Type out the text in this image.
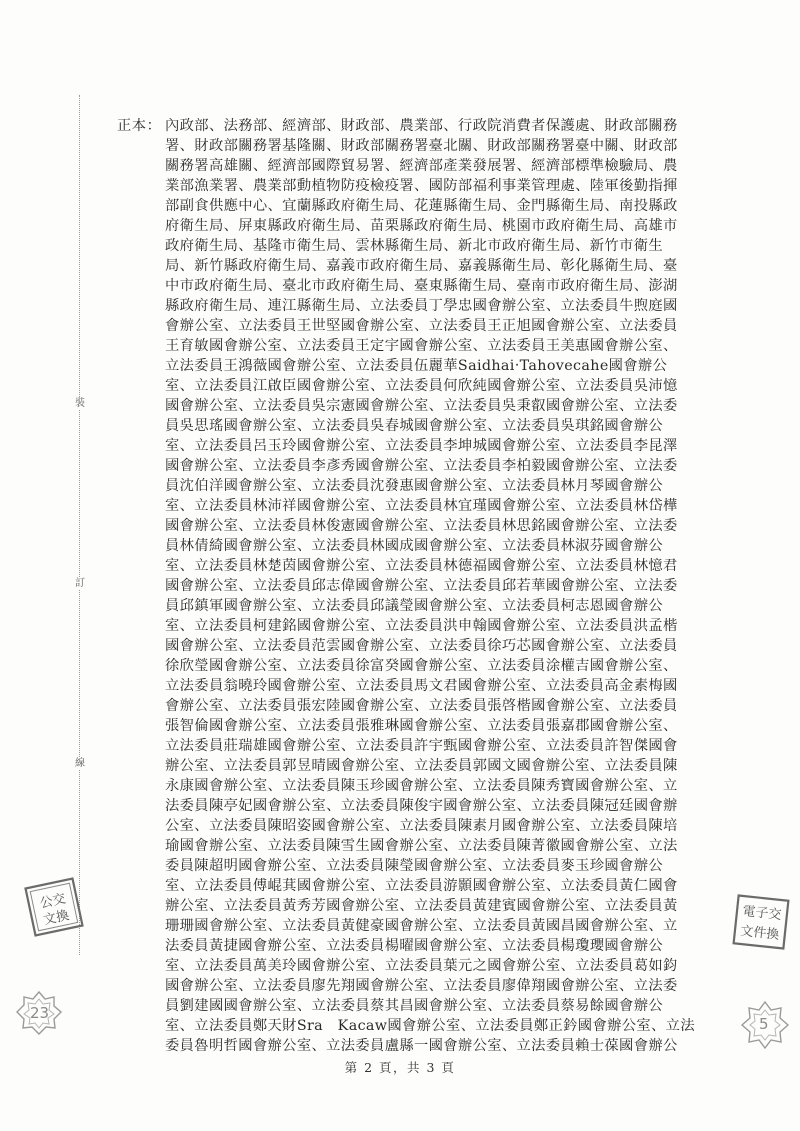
裝
訂
線
正本： 內政部、法務部、經濟部、財政部、農業部、行政院消費者保護處、財政部關務
署、財政部關務署基隆關、財政部關務署臺北關、財政部關務署臺中關、財政部
關務署高雄關、經濟部國際貿易署、經濟部產業發展署、經濟部標準檢驗局、農
業部漁業署、農業部動植物防疫檢疫署、國防部福利事業管理處、陸軍後勤指揮
部副食供應中心、宜蘭縣政府衛生局、花蓮縣衛生局、金門縣衛生局、南投縣政
府衛生局、屏東縣政府衛生局、苗栗縣政府衛生局、桃園市政府衛生局、高雄市
政府衛生局、基隆市衛生局、雲林縣衛生局、新北市政府衛生局、新竹市衛生
局、新竹縣政府衛生局、嘉義市政府衛生局、嘉義縣衛生局、彰化縣衛生局、臺
中市政府衛生局、臺北市政府衛生局、臺東縣衛生局、臺南市政府衛生局、澎湖
縣政府衛生局、連江縣衛生局、立法委員丁學忠國會辦公室、立法委員牛煦庭國
會辦公室、立法委員王世堅國會辦公室、立法委員王正旭國會辦公室、立法委員
王育敏國會辦公室、立法委員王定宇國會辦公室、立法委員王美惠國會辦公室、
立法委員王鴻薇國會辦公室、立法委員伍麗華Saidhai‧Tahovecahe國會辦公
室、立法委員江啟臣國會辦公室、立法委員何欣純國會辦公室、立法委員吳沛憶
國會辦公室、立法委員吳宗憲國會辦公室、立法委員吳秉叡國會辦公室、立法委
員吳思瑤國會辦公室、立法委員吳春城國會辦公室、立法委員吳琪銘國會辦公
室、立法委員呂玉玲國會辦公室、立法委員李坤城國會辦公室、立法委員李昆澤
國會辦公室、立法委員李彥秀國會辦公室、立法委員李柏毅國會辦公室、立法委
員沈伯洋國會辦公室、立法委員沈發惠國會辦公室、立法委員林月琴國會辦公
室、立法委員林沛祥國會辦公室、立法委員林宜瑾國會辦公室、立法委員林岱樺
國會辦公室、立法委員林俊憲國會辦公室、立法委員林思銘國會辦公室、立法委
員林倩綺國會辦公室、立法委員林國成國會辦公室、立法委員林淑芬國會辦公
室、立法委員林楚茵國會辦公室、立法委員林德福國會辦公室、立法委員林憶君
國會辦公室、立法委員邱志偉國會辦公室、立法委員邱若華國會辦公室、立法委
員邱鎮軍國會辦公室、立法委員邱議瑩國會辦公室、立法委員柯志恩國會辦公
室、立法委員柯建銘國會辦公室、立法委員洪申翰國會辦公室、立法委員洪孟楷
國會辦公室、立法委員范雲國會辦公室、立法委員徐巧芯國會辦公室、立法委員
徐欣瑩國會辦公室、立法委員徐富癸國會辦公室、立法委員涂權吉國會辦公室、
立法委員翁曉玲國會辦公室、立法委員馬文君國會辦公室、立法委員高金素梅國
會辦公室、立法委員張宏陸國會辦公室、立法委員張啓楷國會辦公室、立法委員
張智倫國會辦公室、立法委員張雅琳國會辦公室、立法委員張嘉郡國會辦公室、
立法委員莊瑞雄國會辦公室、立法委員許宇甄國會辦公室、立法委員許智傑國會
辦公室、立法委員郭昱晴國會辦公室、立法委員郭國文國會辦公室、立法委員陳
永康國會辦公室、立法委員陳玉珍國會辦公室、立法委員陳秀寶國會辦公室、立
法委員陳亭妃國會辦公室、立法委員陳俊宇國會辦公室、立法委員陳冠廷國會辦
公室、立法委員陳昭姿國會辦公室、立法委員陳素月國會辦公室、立法委員陳培
瑜國會辦公室、立法委員陳雪生國會辦公室、立法委員陳菁徽國會辦公室、立法
委員陳超明國會辦公室、立法委員陳瑩國會辦公室、立法委員麥玉珍國會辦公
室、立法委員傅崐萁國會辦公室、立法委員游顥國會辦公室、立法委員黃仁國會
辦公室、立法委員黃秀芳國會辦公室、立法委員黃建賓國會辦公室、立法委員黃
珊珊國會辦公室、立法委員黃健豪國會辦公室、立法委員黃國昌國會辦公室、立
法委員黃捷國會辦公室、立法委員楊曜國會辦公室、立法委員楊瓊瓔國會辦公
室、立法委員萬美玲國會辦公室、立法委員葉元之國會辦公室、立法委員葛如鈞
國會辦公室、立法委員廖先翔國會辦公室、立法委員廖偉翔國會辦公室、立法委
員劉建國國會辦公室、立法委員蔡其昌國會辦公室、立法委員蔡易餘國會辦公
室、立法委員鄭天財Sra　Kacaw國會辦公室、立法委員鄭正鈐國會辦公室、立法
委員魯明哲國會辦公室、立法委員盧縣一國會辦公室、立法委員賴士葆國會辦公
公交
文換	電子交
文件換
23
5
第 2 頁，共 3 頁
